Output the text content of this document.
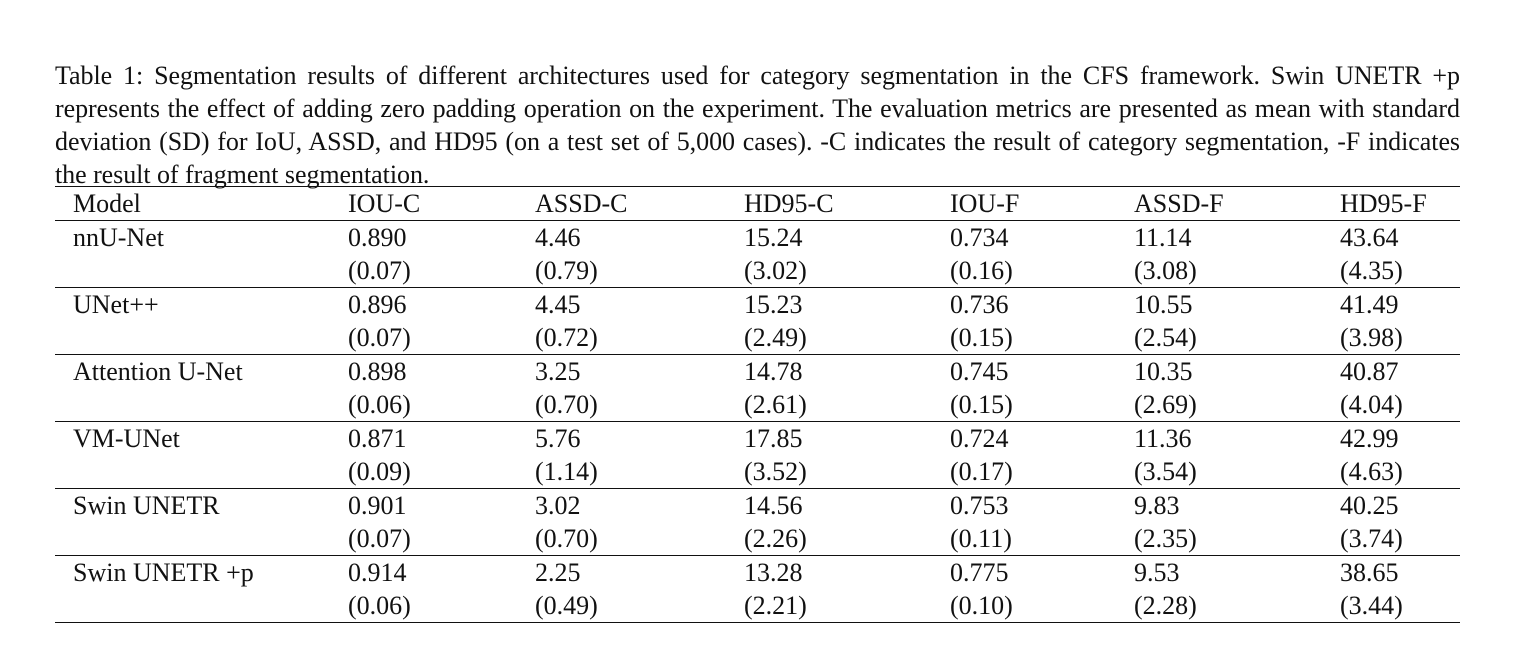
Table 1: Segmentation results of different architectures used for category segmentation in the CFS framework. Swin UNETR +p represents the effect of adding zero padding operation on the experiment. The evaluation metrics are presented as mean with standard deviation (SD) for IoU, ASSD, and HD95 (on a test set of 5,000 cases). -C indicates the result of category segmentation, -F indicates the result of fragment segmentation.

Model	IOU-C	ASSD-C	HD95-C	IOU-F	ASSD-F	HD95-F
nnU-Net	0.890	4.46	15.24	0.734	11.14	43.64
	(0.07)	(0.79)	(3.02)	(0.16)	(3.08)	(4.35)
UNet++	0.896	4.45	15.23	0.736	10.55	41.49
	(0.07)	(0.72)	(2.49)	(0.15)	(2.54)	(3.98)
Attention U-Net	0.898	3.25	14.78	0.745	10.35	40.87
	(0.06)	(0.70)	(2.61)	(0.15)	(2.69)	(4.04)
VM-UNet	0.871	5.76	17.85	0.724	11.36	42.99
	(0.09)	(1.14)	(3.52)	(0.17)	(3.54)	(4.63)
Swin UNETR	0.901	3.02	14.56	0.753	9.83	40.25
	(0.07)	(0.70)	(2.26)	(0.11)	(2.35)	(3.74)
Swin UNETR +p	0.914	2.25	13.28	0.775	9.53	38.65
	(0.06)	(0.49)	(2.21)	(0.10)	(2.28)	(3.44)
